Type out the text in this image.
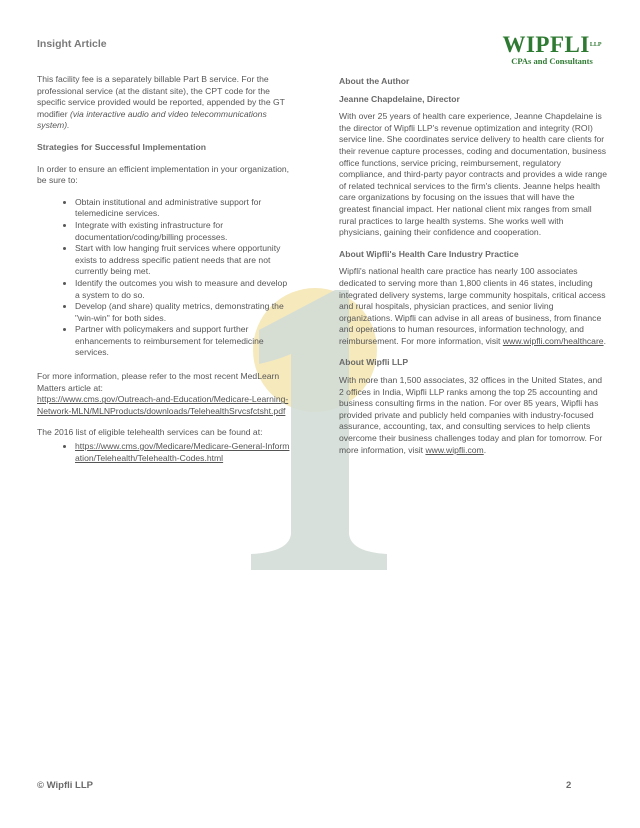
Insight Article	$WIPFLI^{LLP}$
CPAs and Consultants

This facility fee is a separately billable Part B service. For the professional service (at the distant site), the CPT code for the specific service provided would be reported, appended by the GT modifier (via interactive audio and video telecommunications system).

Strategies for Successful Implementation

In order to ensure an efficient implementation in your organization, be sure to:

• Obtain institutional and administrative support for telemedicine services.
• Integrate with existing infrastructure for documentation/coding/billing processes.
• Start with low hanging fruit services where opportunity exists to address specific patient needs that are not currently being met.
• Identify the outcomes you wish to measure and develop a system to do so.
• Develop (and share) quality metrics, demonstrating the "win-win" for both sides.
• Partner with policymakers and support further enhancements to reimbursement for telemedicine services.

For more information, please refer to the most recent MedLearn Matters article at:
https://www.cms.gov/Outreach-and-Education/Medicare-Learning-Network-MLN/MLNProducts/downloads/TelehealthSrvcsfctsht.pdf

The 2016 list of eligible telehealth services can be found at:

• https://www.cms.gov/Medicare/Medicare-General-Information/Telehealth/Telehealth-Codes.html

About the Author

Jeanne Chapdelaine, Director

With over 25 years of health care experience, Jeanne Chapdelaine is the director of Wipfli LLP's revenue optimization and integrity (ROI) service line. She coordinates service delivery to health care clients for their revenue capture processes, coding and documentation, business office functions, service pricing, reimbursement, regulatory compliance, and third-party payor contracts and provides a wide range of related technical services to the firm's clients. Jeanne helps health care organizations by focusing on the issues that will have the greatest financial impact. Her national client mix ranges from small rural practices to large health systems. She works well with physicians, gaining their confidence and cooperation.

About Wipfli's Health Care Industry Practice

Wipfli's national health care practice has nearly 100 associates dedicated to serving more than 1,800 clients in 46 states, including integrated delivery systems, large community hospitals, critical access and rural hospitals, physician practices, and senior living organizations. Wipfli can advise in all areas of business, from finance and operations to human resources, information technology, and reimbursement. For more information, visit www.wipfli.com/healthcare.

About Wipfli LLP

With more than 1,500 associates, 32 offices in the United States, and 2 offices in India, Wipfli LLP ranks among the top 25 accounting and business consulting firms in the nation. For over 85 years, Wipfli has provided private and publicly held companies with industry-focused assurance, accounting, tax, and consulting services to help clients overcome their business challenges today and plan for tomorrow. For more information, visit www.wipfli.com.

© Wipfli LLP	2
